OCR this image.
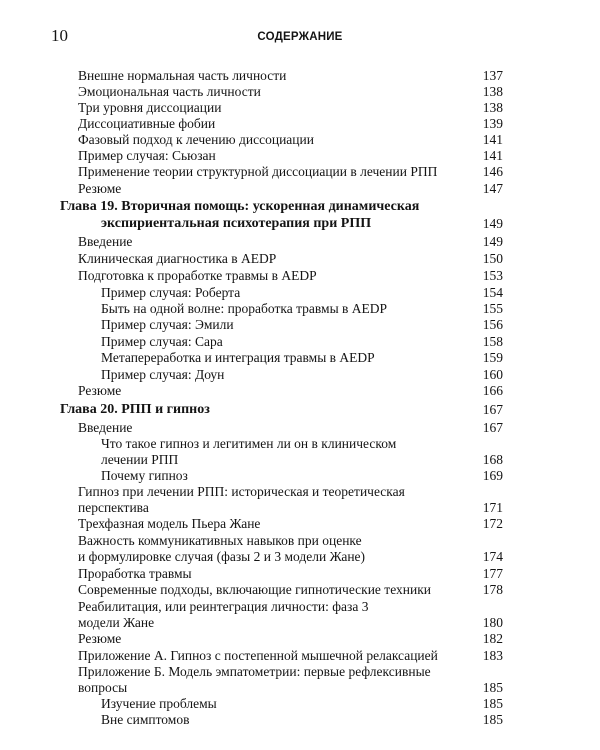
10	СОДЕРЖАНИЕ
Внешне нормальная часть личности	137
Эмоциональная часть личности	138
Три уровня диссоциации	138
Диссоциативные фобии	139
Фазовый подход к лечению диссоциации	141
Пример случая: Сьюзан	141
Применение теории структурной диссоциации в лечении РПП	146
Резюме	147
Глава 19. Вторичная помощь: ускоренная динамическая
экспириентальная психотерапия при РПП	149
Введение	149
Клиническая диагностика в AEDP	150
Подготовка к проработке травмы в AEDP	153
Пример случая: Роберта	154
Быть на одной волне: проработка травмы в AEDP	155
Пример случая: Эмили	156
Пример случая: Сара	158
Метапереработка и интеграция травмы в AEDP	159
Пример случая: Доун	160
Резюме	166
Глава 20. РПП и гипноз	167
Введение	167
Что такое гипноз и легитимен ли он в клиническом
лечении РПП	168
Почему гипноз	169
Гипноз при лечении РПП: историческая и теоретическая
перспектива	171
Трехфазная модель Пьера Жане	172
Важность коммуникативных навыков при оценке
и формулировке случая (фазы 2 и 3 модели Жане)	174
Проработка травмы	177
Современные подходы, включающие гипнотические техники	178
Реабилитация, или реинтеграция личности: фаза 3
модели Жане	180
Резюме	182
Приложение А. Гипноз с постепенной мышечной релаксацией	183
Приложение Б. Модель эмпатометрии: первые рефлексивные
вопросы	185
Изучение проблемы	185
Вне симптомов	185
